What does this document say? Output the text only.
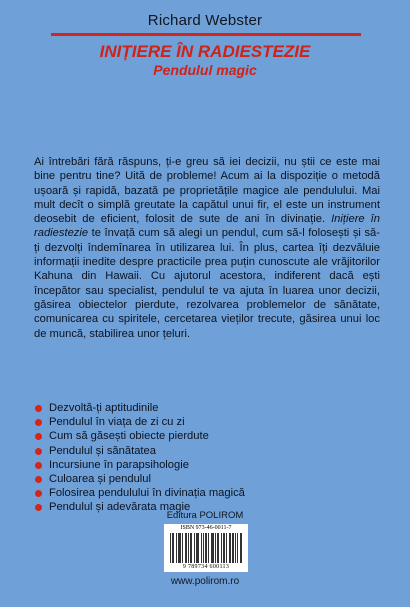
Richard Webster
INIȚIERE ÎN RADIESTEZIE
Pendulul magic

Ai întrebări fără răspuns, ți-e greu să iei decizii, nu știi ce este mai bine pentru tine? Uită de probleme! Acum ai la dispoziție o metodă ușoară și rapidă, bazată pe proprietățile magice ale pendulului. Mai mult decît o simplă greutate la capătul unui fir, el este un instrument deosebit de eficient, folosit de sute de ani în divinație. Inițiere în radiestezie te învață cum să alegi un pendul, cum să-l folosești și să-ți dezvolți îndemînarea în utilizarea lui. În plus, cartea îți dezvăluie informații inedite despre practicile prea puțin cunoscute ale vrăjitorilor Kahuna din Hawaii. Cu ajutorul acestora, indiferent dacă ești începător sau specialist, pendulul te va ajuta în luarea unor decizii, găsirea obiectelor pierdute, rezolvarea problemelor de sănătate, comunicarea cu spiritele, cercetarea vieților trecute, găsirea unui loc de muncă, stabilirea unor țeluri.

Dezvoltă-ți aptitudinile
Pendulul în viața de zi cu zi
Cum să găsești obiecte pierdute
Pendulul și sănătatea
Incursiune în parapsihologie
Culoarea și pendulul
Folosirea pendulului în divinația magică
Pendulul și adevărata magie
Editura POLIROM
ISBN 973-46-0011-7
9 789734 600113
www.polirom.ro
